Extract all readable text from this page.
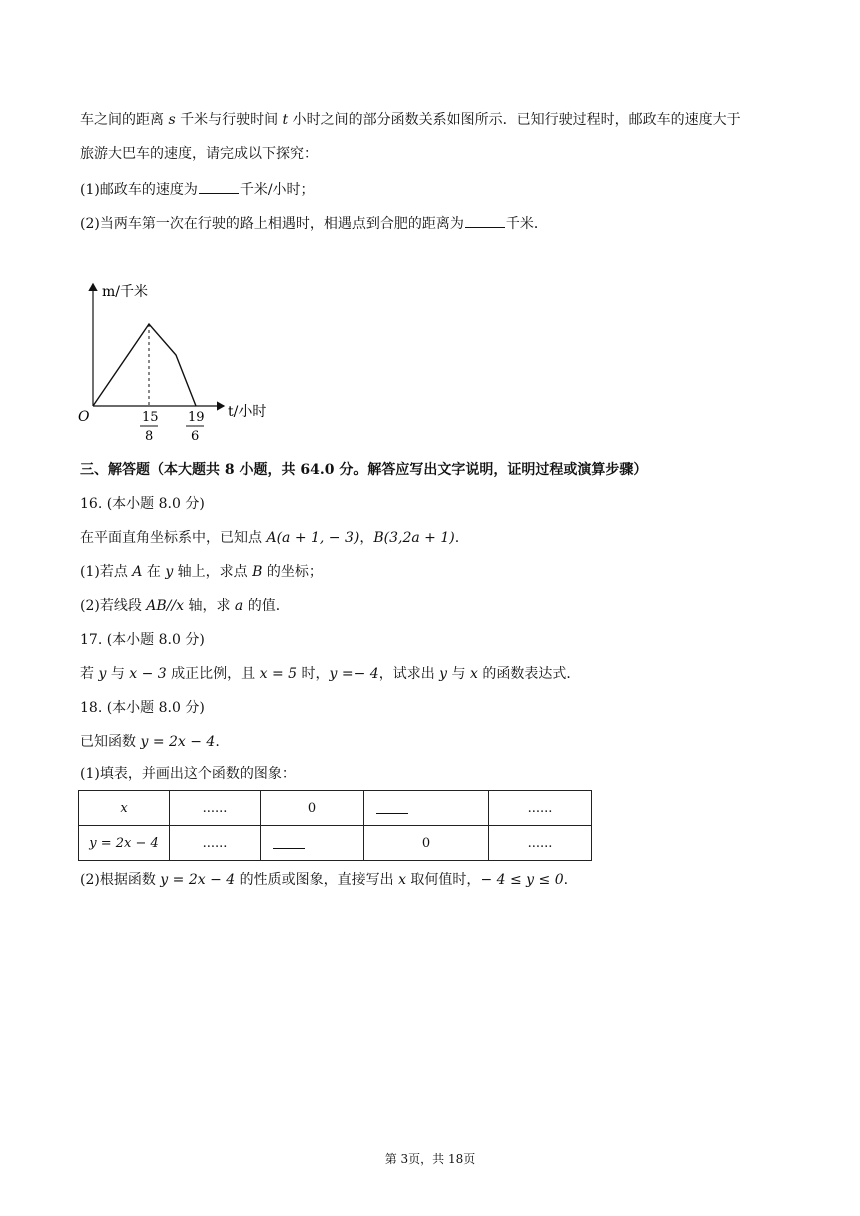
车之间的距离 s 千米与行驶时间 t 小时之间的部分函数关系如图所示．已知行驶过程时，邮政车的速度大于
旅游大巴车的速度，请完成以下探究：
(1)邮政车的速度为	千米/小时；
(2)当两车第一次在行驶的路上相遇时，相遇点到合肥的距离为	千米．
m/千米
t/小时
O	15
8
19
6
三、解答题（本大题共 8 小题，共 64.0 分。解答应写出文字说明，证明过程或演算步骤）
16. (本小题 8.0 分)
在平面直角坐标系中，已知点 A(a + 1, − 3)，B(3,2a + 1).
(1)若点 A 在 y 轴上，求点 B 的坐标；
(2)若线段 AB//x 轴，求 a 的值．
17. (本小题 8.0 分)
若 y 与 x − 3 成正比例，且 x = 5 时，y =− 4，试求出 y 与 x 的函数表达式．
18. (本小题 8.0 分)
已知函数 y = 2x − 4.
(1)填表，并画出这个函数的图象：
x	......	0		......
y = 2x − 4	......		0	......
(2)根据函数 y = 2x − 4 的性质或图象，直接写出 x 取何值时，− 4 ≤ y ≤ 0.
第 3页，共 18页
